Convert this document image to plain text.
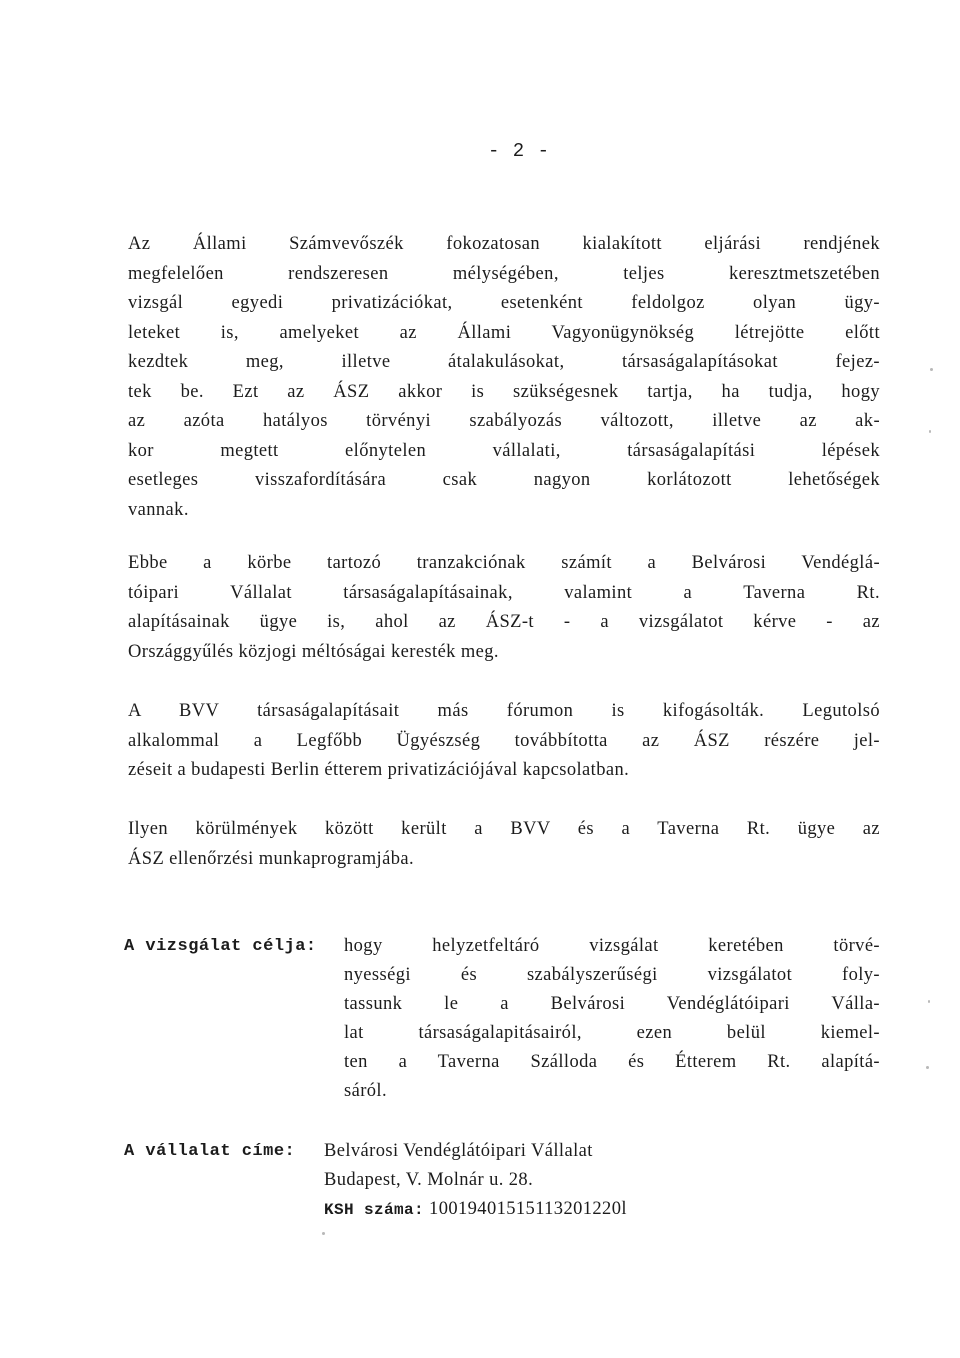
- 2 -
Az Állami Számvevőszék fokozatosan kialakított eljárási rendjének
megfelelően rendszeresen mélységében, teljes keresztmetszetében
vizsgál egyedi privatizációkat, esetenként feldolgoz olyan ügy-
leteket is, amelyeket az Állami Vagyonügynökség létrejötte előtt
kezdtek meg, illetve átalakulásokat, társaságalapításokat fejez-
tek be. Ezt az ÁSZ akkor is szükségesnek tartja, ha tudja, hogy
az azóta hatályos törvényi szabályozás változott, illetve az ak-
kor megtett előnytelen vállalati, társaságalapítási lépések
esetleges visszafordítására csak nagyon korlátozott lehetőségek
vannak.
Ebbe a körbe tartozó tranzakciónak számít a Belvárosi Vendéglá-
tóipari Vállalat társaságalapításainak, valamint a Taverna Rt.
alapításainak ügye is, ahol az ÁSZ-t - a vizsgálatot kérve - az
Országgyűlés közjogi méltóságai keresték meg.
A BVV társaságalapításait más fórumon is kifogásolták. Legutolsó
alkalommal a Legfőbb Ügyészség továbbította az ÁSZ részére jel-
zéseit a budapesti Berlin étterem privatizációjával kapcsolatban.
Ilyen körülmények között került a BVV és a Taverna Rt. ügye az
ÁSZ ellenőrzési munkaprogramjába.
A vizsgálat célja: hogy helyzetfeltáró vizsgálat keretében törvé-
nyességi és szabályszerűségi vizsgálatot foly-
tassunk le a Belvárosi Vendéglátóipari Válla-
lat társaságalapitásairól, ezen belül kiemel-
ten a Taverna Szálloda és Étterem Rt. alapítá-
sáról.
A vállalat címe: Belvárosi Vendéglátóipari Vállalat
Budapest, V. Molnár u. 28.
KSH száma: 10019401515113201220l
